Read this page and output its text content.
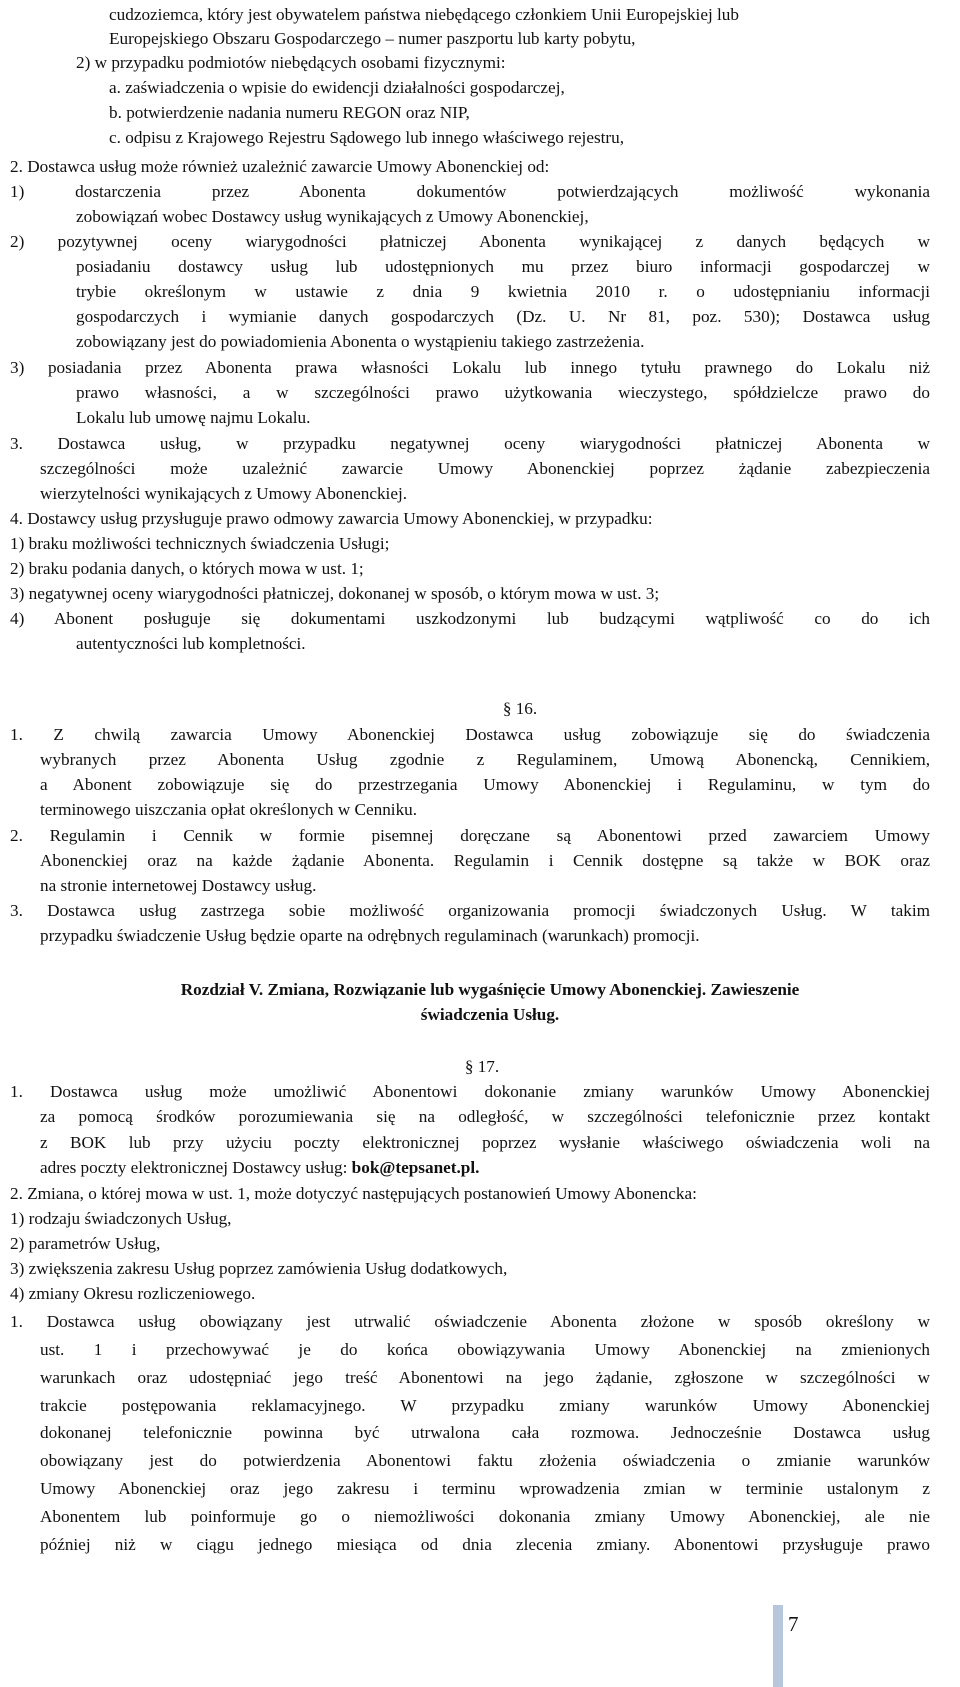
cudzoziemca, który jest obywatelem państwa niebędącego członkiem Unii Europejskiej lub
Europejskiego Obszaru Gospodarczego – numer paszportu lub karty pobytu,
2) w przypadku podmiotów niebędących osobami fizycznymi:
a. zaświadczenia o wpisie do ewidencji działalności gospodarczej,
b. potwierdzenie nadania numeru REGON oraz NIP,
c. odpisu z Krajowego Rejestru Sądowego lub innego właściwego rejestru,
2. Dostawca usług może również uzależnić zawarcie Umowy Abonenckiej od:
1) dostarczenia przez Abonenta dokumentów potwierdzających możliwość wykonania
zobowiązań wobec Dostawcy usług wynikających z Umowy Abonenckiej,
2) pozytywnej oceny wiarygodności płatniczej Abonenta wynikającej z danych będących w
posiadaniu dostawcy usług lub udostępnionych mu przez biuro informacji gospodarczej w
trybie określonym w ustawie z dnia 9 kwietnia 2010 r. o udostępnianiu informacji
gospodarczych i wymianie danych gospodarczych (Dz. U. Nr 81, poz. 530); Dostawca usług
zobowiązany jest do powiadomienia Abonenta o wystąpieniu takiego zastrzeżenia.
3) posiadania przez Abonenta prawa własności Lokalu lub innego tytułu prawnego do Lokalu niż
prawo własności, a w szczególności prawo użytkowania wieczystego, spółdzielcze prawo do
Lokalu lub umowę najmu Lokalu.
3. Dostawca usług, w przypadku negatywnej oceny wiarygodności płatniczej Abonenta w
szczególności może uzależnić zawarcie Umowy Abonenckiej poprzez żądanie zabezpieczenia
wierzytelności wynikających z Umowy Abonenckiej.
4. Dostawcy usług przysługuje prawo odmowy zawarcia Umowy Abonenckiej, w przypadku:
1) braku możliwości technicznych świadczenia Usługi;
2) braku podania danych, o których mowa w ust. 1;
3) negatywnej oceny wiarygodności płatniczej, dokonanej w sposób, o którym mowa w ust. 3;
4) Abonent posługuje się dokumentami uszkodzonymi lub budzącymi wątpliwość co do ich
autentyczności lub kompletności.
§ 16.
1. Z chwilą zawarcia Umowy Abonenckiej Dostawca usług zobowiązuje się do świadczenia
wybranych przez Abonenta Usług zgodnie z Regulaminem, Umową Abonencką, Cennikiem,
a Abonent zobowiązuje się do przestrzegania Umowy Abonenckiej i Regulaminu, w tym do
terminowego uiszczania opłat określonych w Cenniku.
2. Regulamin i Cennik w formie pisemnej doręczane są Abonentowi przed zawarciem Umowy
Abonenckiej oraz na każde żądanie Abonenta. Regulamin i Cennik dostępne są także w BOK oraz
na stronie internetowej Dostawcy usług.
3. Dostawca usług zastrzega sobie możliwość organizowania promocji świadczonych Usług. W takim
przypadku świadczenie Usług będzie oparte na odrębnych regulaminach (warunkach) promocji.
Rozdział V. Zmiana, Rozwiązanie lub wygaśnięcie Umowy Abonenckiej. Zawieszenie
świadczenia Usług.
§ 17.
1. Dostawca usług może umożliwić Abonentowi dokonanie zmiany warunków Umowy Abonenckiej
za pomocą środków porozumiewania się na odległość, w szczególności telefonicznie przez kontakt
z BOK lub przy użyciu poczty elektronicznej poprzez wysłanie właściwego oświadczenia woli na
adres poczty elektronicznej Dostawcy usług: bok@tepsanet.pl.
2. Zmiana, o której mowa w ust. 1, może dotyczyć następujących postanowień Umowy Abonencka:
1) rodzaju świadczonych Usług,
2) parametrów Usług,
3) zwiększenia zakresu Usług poprzez zamówienia Usług dodatkowych,
4) zmiany Okresu rozliczeniowego.
1. Dostawca usług obowiązany jest utrwalić oświadczenie Abonenta złożone w sposób określony w
ust. 1 i przechowywać je do końca obowiązywania Umowy Abonenckiej na zmienionych
warunkach oraz udostępniać jego treść Abonentowi na jego żądanie, zgłoszone w szczególności w
trakcie postępowania reklamacyjnego. W przypadku zmiany warunków Umowy Abonenckiej
dokonanej telefonicznie powinna być utrwalona cała rozmowa. Jednocześnie Dostawca usług
obowiązany jest do potwierdzenia Abonentowi faktu złożenia oświadczenia o zmianie warunków
Umowy Abonenckiej oraz jego zakresu i terminu wprowadzenia zmian w terminie ustalonym z
Abonentem lub poinformuje go o niemożliwości dokonania zmiany Umowy Abonenckiej, ale nie
później niż w ciągu jednego miesiąca od dnia zlecenia zmiany. Abonentowi przysługuje prawo
7
